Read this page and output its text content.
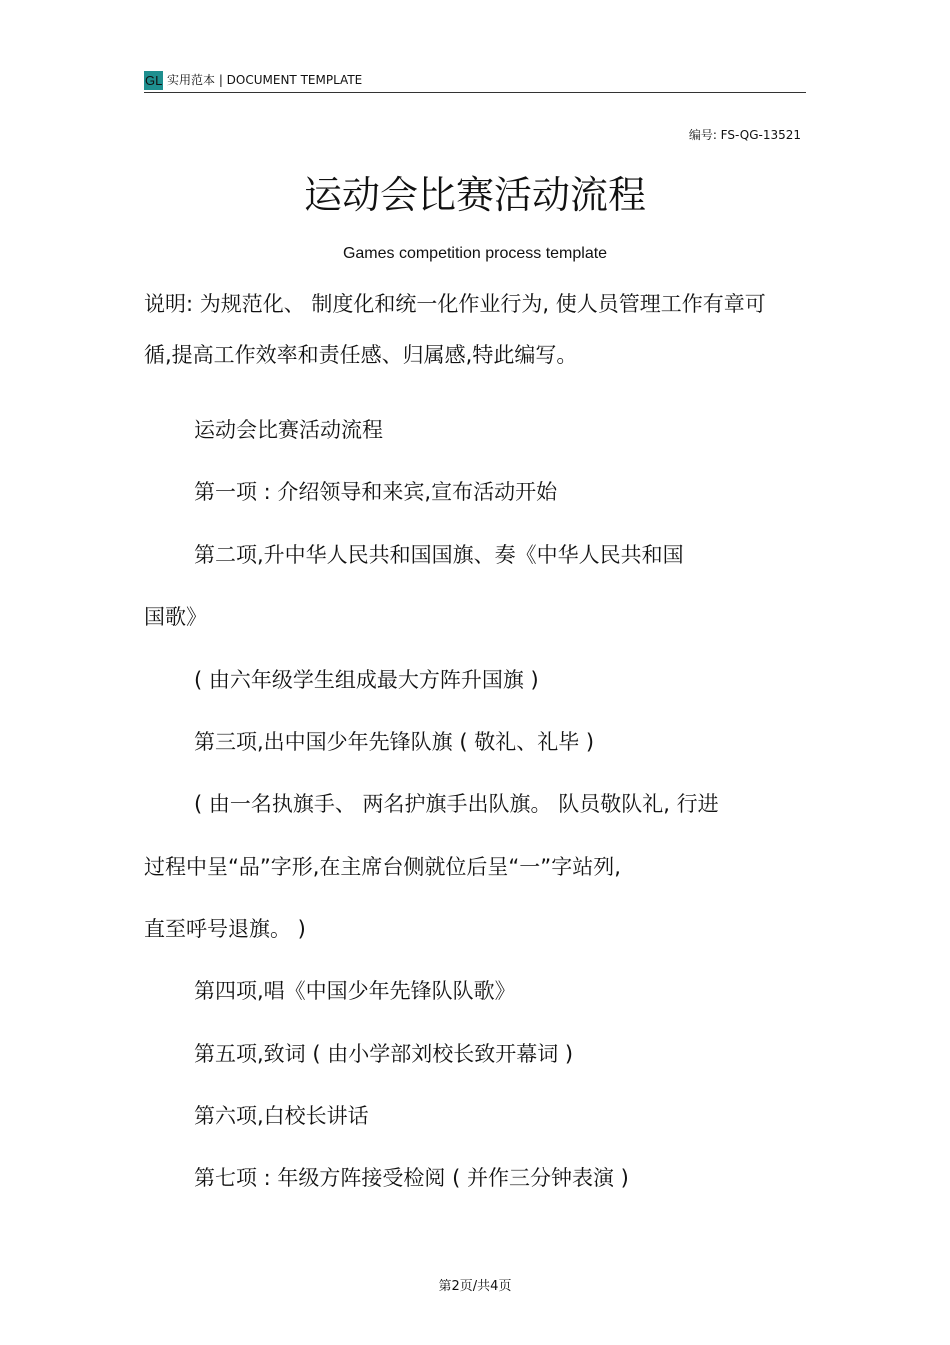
GL 实用范本 | DOCUMENT TEMPLATE
编号: FS-QG-13521
运动会比赛活动流程
Games competition process template
说明: 为规范化、 制度化和统一化作业行为, 使人员管理工作有章可
循,提高工作效率和责任感、归属感,特此编写。
运动会比赛活动流程
第一项 : 介绍领导和来宾,宣布活动开始
第二项,升中华人民共和国国旗、奏《中华人民共和国
国歌》
( 由六年级学生组成最大方阵升国旗 )
第三项,出中国少年先锋队旗 ( 敬礼、礼毕 )
( 由一名执旗手、 两名护旗手出队旗。 队员敬队礼, 行进
过程中呈“品”字形,在主席台侧就位后呈“一”字站列,
直至呼号退旗。 )
第四项,唱《中国少年先锋队队歌》
第五项,致词 ( 由小学部刘校长致开幕词 )
第六项,白校长讲话
第七项 : 年级方阵接受检阅 ( 并作三分钟表演 )
第2页/共4页
